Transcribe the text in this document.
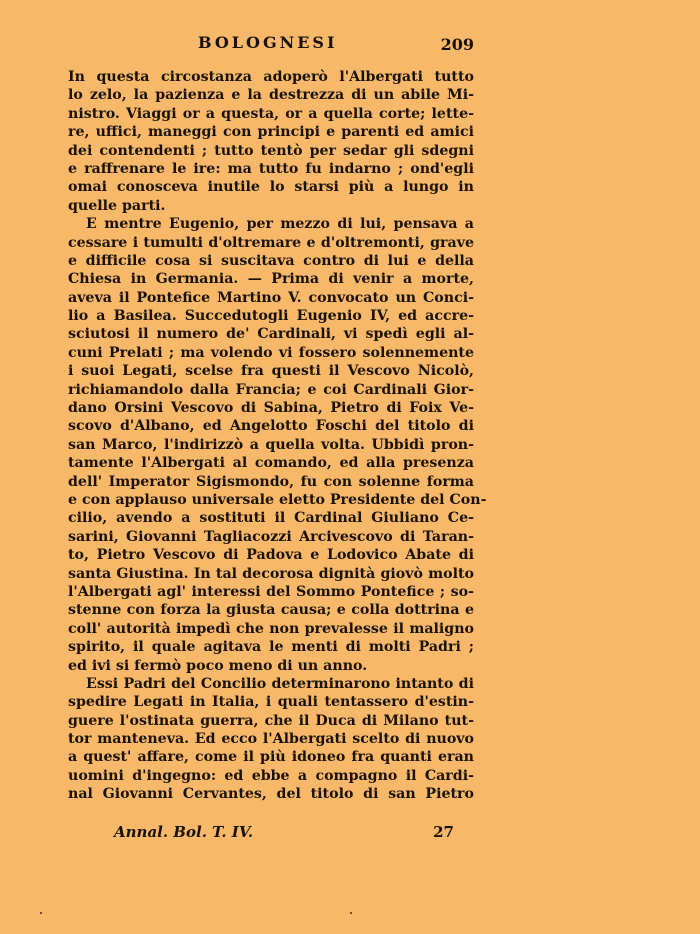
BOLOGNESI	209
In questa circostanza adoperò l'Albergati tutto
lo zelo, la pazienza e la destrezza di un abile Mi-
nistro. Viaggi or a questa, or a quella corte; lette-
re, uffici, maneggi con principi e parenti ed amici
dei contendenti ; tutto tentò per sedar gli sdegni
e raffrenare le ire: ma tutto fu indarno ; ond'egli
omai conosceva inutile lo starsi più a lungo in
quelle parti.
E mentre Eugenio, per mezzo di lui, pensava a
cessare i tumulti d'oltremare e d'oltremonti, grave
e difficile cosa si suscitava contro di lui e della
Chiesa in Germania. — Prima di venir a morte,
aveva il Pontefice Martino V. convocato un Conci-
lio a Basilea. Succedutogli Eugenio IV, ed accre-
sciutosi il numero de' Cardinali, vi spedì egli al-
cuni Prelati ; ma volendo vi fossero solennemente
i suoi Legati, scelse fra questi il Vescovo Nicolò,
richiamandolo dalla Francia; e coi Cardinali Gior-
dano Orsini Vescovo di Sabina, Pietro di Foix Ve-
scovo d'Albano, ed Angelotto Foschi del titolo di
san Marco, l'indirizzò a quella volta. Ubbidì pron-
tamente l'Albergati al comando, ed alla presenza
dell' Imperator Sigismondo, fu con solenne forma
e con applauso universale eletto Presidente del Con-
cilio, avendo a sostituti il Cardinal Giuliano Ce-
sarini, Giovanni Tagliacozzi Arcivescovo di Taran-
to, Pietro Vescovo di Padova e Lodovico Abate di
santa Giustina. In tal decorosa dignità giovò molto
l'Albergati agl' interessi del Sommo Pontefice ; so-
stenne con forza la giusta causa; e colla dottrina e
coll' autorità impedì che non prevalesse il maligno
spirito, il quale agitava le menti di molti Padri ;
ed ivi si fermò poco meno di un anno.
Essi Padri del Concilio determinarono intanto di
spedire Legati in Italia, i quali tentassero d'estin-
guere l'ostinata guerra, che il Duca di Milano tut-
tor manteneva. Ed ecco l'Albergati scelto di nuovo
a quest' affare, come il più idoneo fra quanti eran
uomini d'ingegno: ed ebbe a compagno il Cardi-
nal Giovanni Cervantes, del titolo di san Pietro
Annal. Bol. T. IV.	27
